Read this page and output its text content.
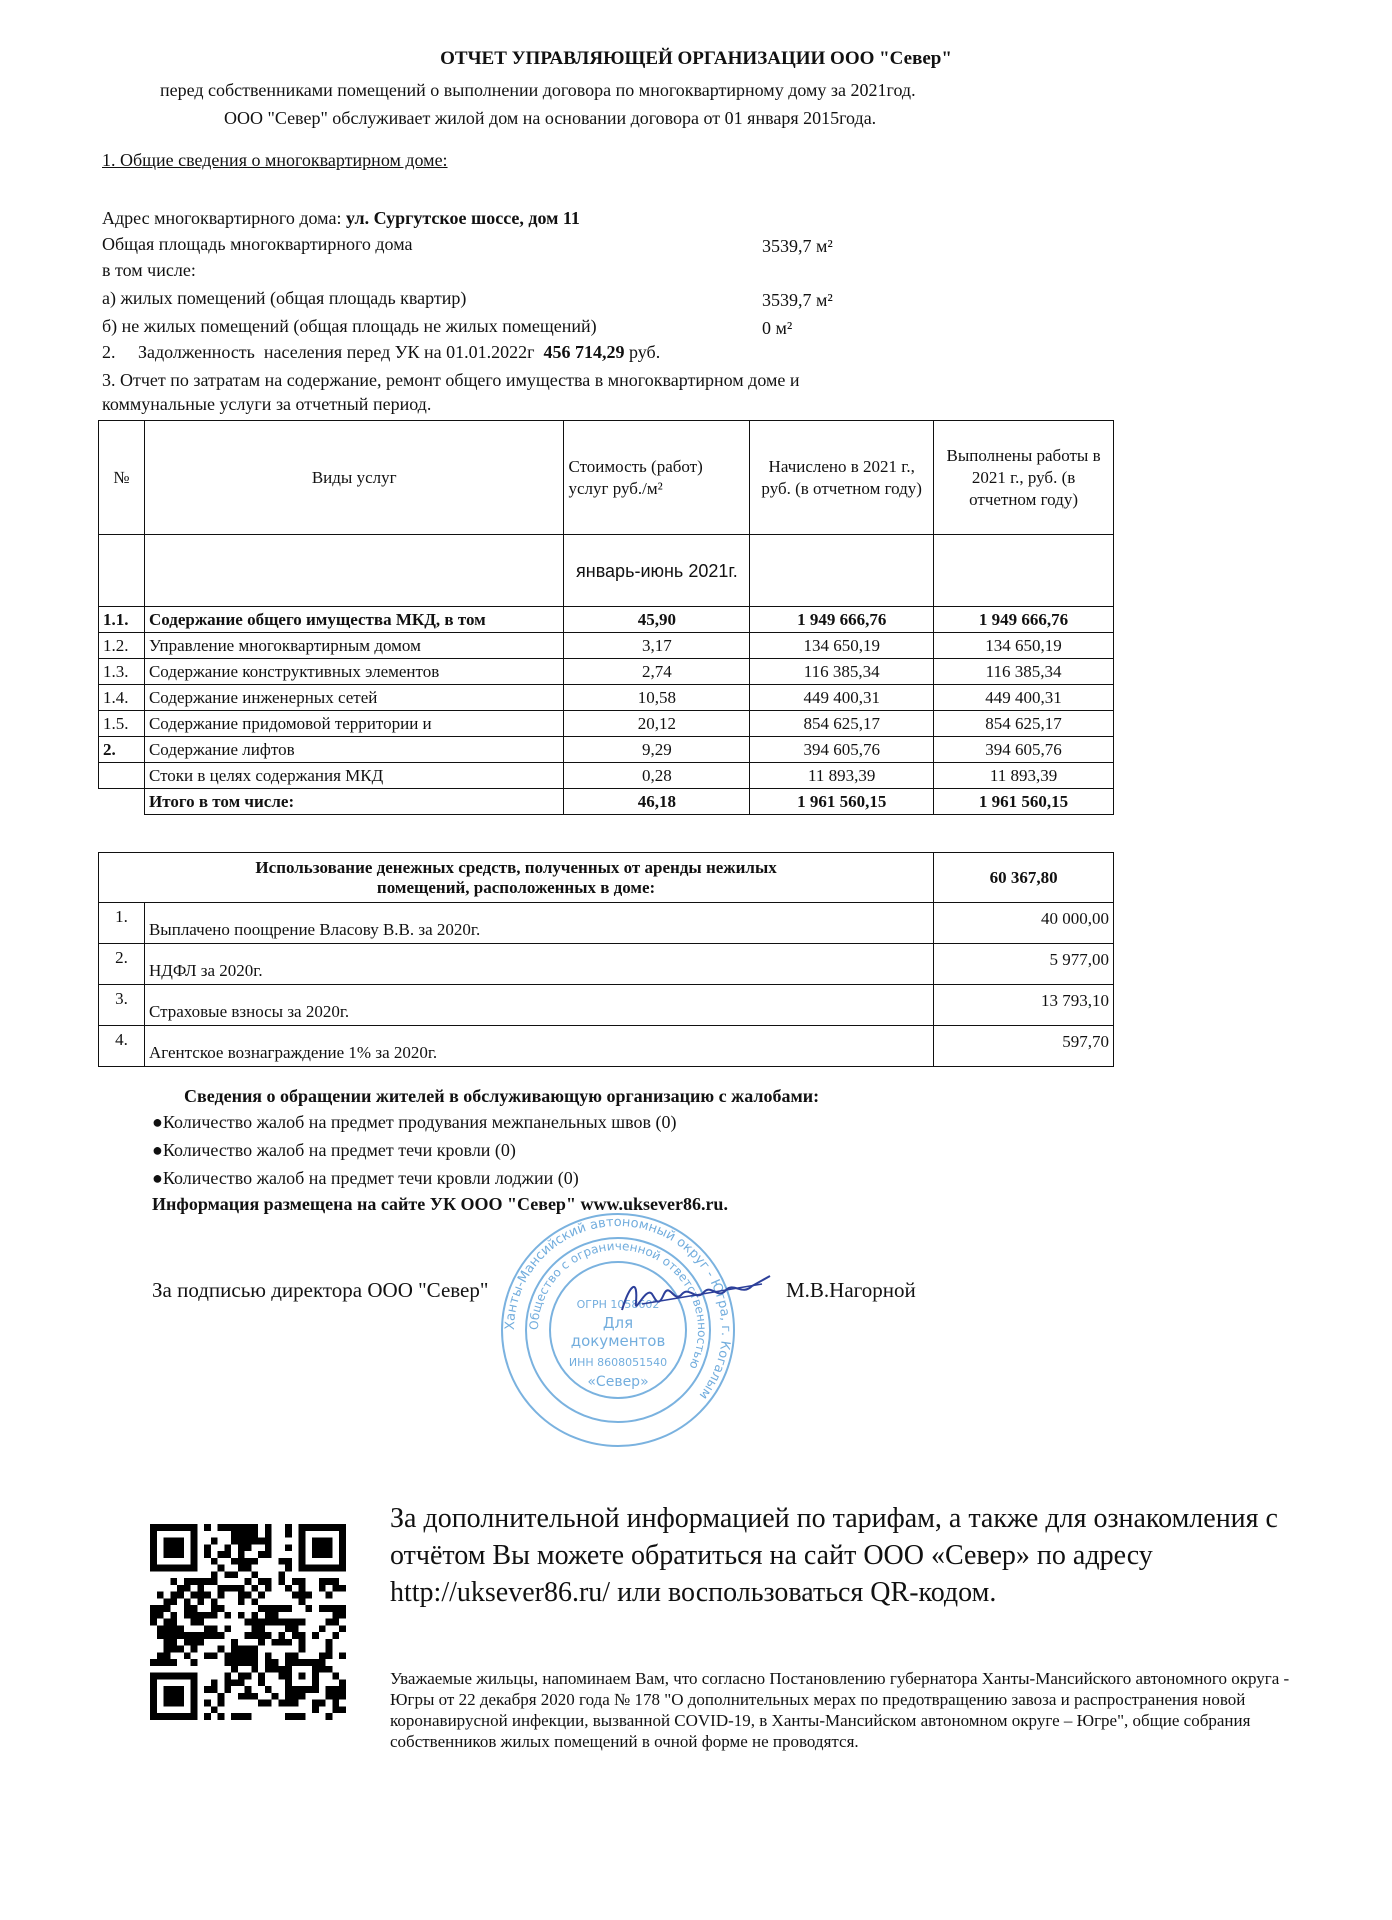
ОТЧЕТ УПРАВЛЯЮЩЕЙ ОРГАНИЗАЦИИ ООО "Север"
перед собственниками помещений о выполнении договора по многоквартирному дому за 2021год.
ООО "Север" обслуживает жилой дом на основании договора от 01 января 2015года.
1. Общие сведения о многоквартирном доме:
Адрес многоквартирного дома: ул. Сургутское шоссе, дом 11
Общая площадь многоквартирного дома	3539,7 м²
в том числе:
а) жилых помещений (общая площадь квартир)	3539,7 м²
б) не жилых помещений (общая площадь не жилых помещений)	0 м²
2.     Задолженность  населения перед УК на 01.01.2022г  456 714,29 руб.
3. Отчет по затратам на содержание, ремонт общего имущества в многоквартирном доме и
коммунальные услуги за отчетный период.
№	Виды услуг	Стоимость (работ) услуг руб./м²	Начислено в 2021 г., руб. (в отчетном году)	Выполнены работы в 2021 г., руб. (в отчетном году)
		январь-июнь 2021г.		
1.1.	Содержание общего имущества МКД, в том	45,90	1 949 666,76	1 949 666,76
1.2.	Управление многоквартирным домом	3,17	134 650,19	134 650,19
1.3.	Содержание конструктивных элементов	2,74	116 385,34	116 385,34
1.4.	Содержание инженерных сетей	10,58	449 400,31	449 400,31
1.5.	Содержание придомовой территории и	20,12	854 625,17	854 625,17
2.	Содержание лифтов	9,29	394 605,76	394 605,76
	Стоки в целях содержания МКД	0,28	11 893,39	11 893,39
	Итого в том числе:	46,18	1 961 560,15	1 961 560,15
Использование денежных средств, полученных от аренды нежилых
помещений, расположенных в доме:		60 367,80
1.	Выплачено поощрение Власову В.В. за 2020г.	40 000,00
2.	НДФЛ за 2020г.	5 977,00
3.	Страховые взносы за 2020г.	13 793,10
4.	Агентское вознаграждение 1% за 2020г.	597,70
Сведения о обращении жителей в обслуживающую организацию с жалобами:
●Количество жалоб на предмет продувания межпанельных швов (0)
●Количество жалоб на предмет течи кровли (0)
●Количество жалоб на предмет течи кровли лоджии (0)
Информация размещена на сайте УК ООО "Север" www.uksever86.ru.
Ханты-Мансийский автономный округ - Югра, г. Когалым
Общество с ограниченной ответственностью
ОГРН 1058602
Для
документов
ИНН 8608051540
«Север»
За подписью директора ООО "Север"	М.В.Нагорной
За дополнительной информацией по тарифам, а также для ознакомления с отчётом Вы можете обратиться на сайт ООО «Север» по адресу http://uksever86.ru/ или воспользоваться QR-кодом.
Уважаемые жильцы, напоминаем Вам, что согласно Постановлению губернатора Ханты-Мансийского автономного округа - Югры от 22 декабря 2020 года № 178 "О дополнительных мерах по предотвращению завоза и распространения новой коронавирусной инфекции, вызванной COVID-19, в Ханты-Мансийском автономном округе – Югре", общие собрания собственников жилых помещений в очной форме не проводятся.
